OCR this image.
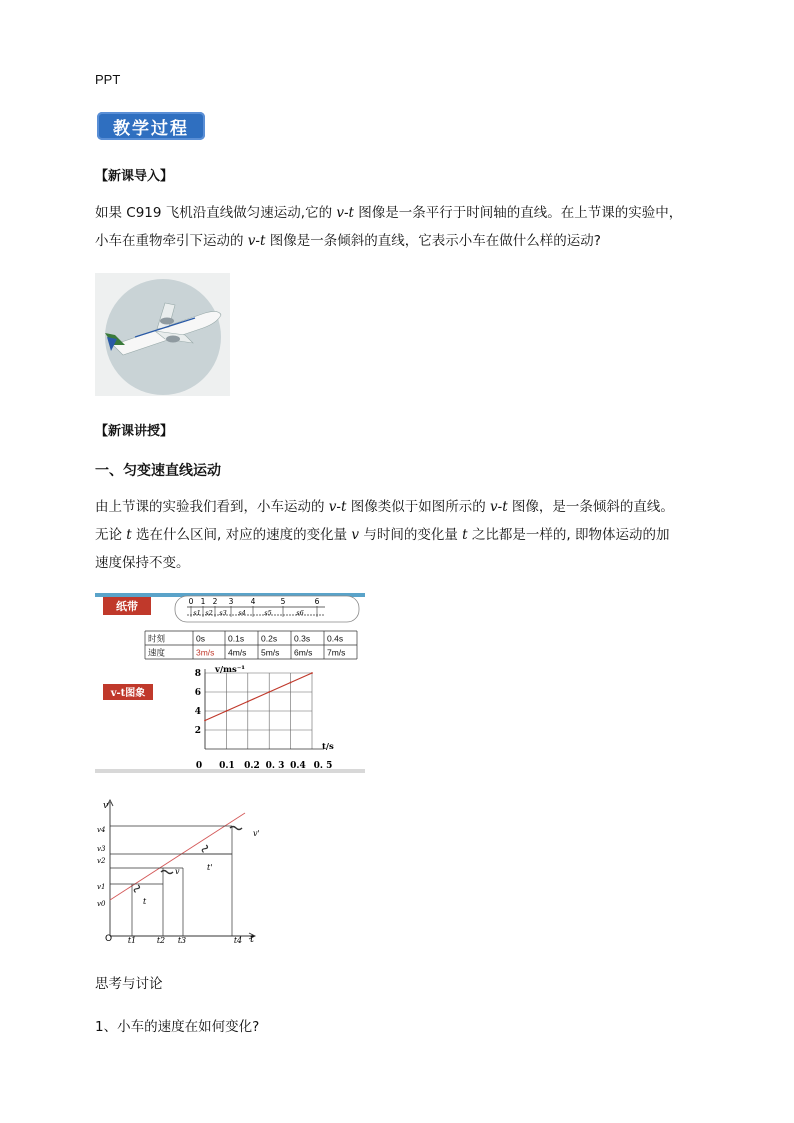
PPT
教学过程
【新课导入】
如果 C919 飞机沿直线做匀速运动,它的 v-t 图像是一条平行于时间轴的直线。在上节课的实验中，
小车在重物牵引下运动的 v-t 图像是一条倾斜的直线，它表示小车在做什么样的运动?
【新课讲授】
一、匀变速直线运动
由上节课的实验我们看到，小车运动的 v-t 图像类似于如图所示的 v-t 图像，是一条倾斜的直线。
无论 t 选在什么区间, 对应的速度的变化量 v 与时间的变化量 t 之比都是一样的, 即物体运动的加
速度保持不变。
纸带	0 1 2 3 4	5	6
s1 s2 s3 s4	s5	s6
时刻	0s	0.1s 0.2s 0.3s 0.4s
速度	3m/s 4m/s 5m/s 6m/s 7m/s
v-t图象
v/ms⁻¹
t/s
8
6
4
2
0 0.1 0.2 0. 3 0.4 0. 5
v
t
O
v4
v3
v2
v1
v0
t1	t2 t3	t4
v
t
t'
v'
思考与讨论
1、小车的速度在如何变化?
